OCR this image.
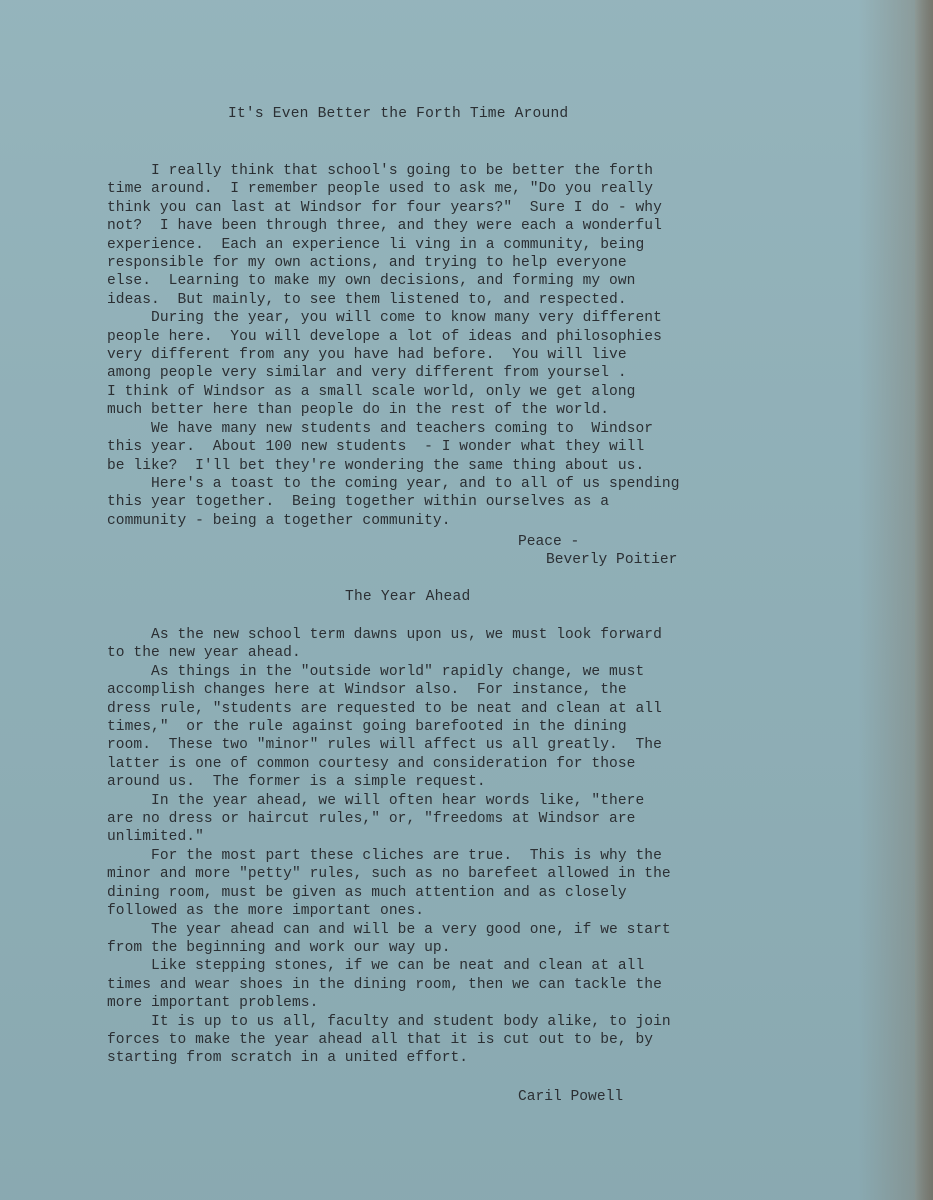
It's Even Better the Forth Time Around

I really think that school's going to be better the forth

time around.  I remember people used to ask me, "Do you really

think you can last at Windsor for four years?"  Sure I do - why

not?  I have been through three, and they were each a wonderful

experience.  Each an experience li ving in a community, being

responsible for my own actions, and trying to help everyone

else.  Learning to make my own decisions, and forming my own

ideas.  But mainly, to see them listened to, and respected.

During the year, you will come to know many very different

people here.  You will develope a lot of ideas and philosophies

very different from any you have had before.  You will live

among people very similar and very different from yoursel .

I think of Windsor as a small scale world, only we get along

much better here than people do in the rest of the world.

We have many new students and teachers coming to  Windsor

this year.  About 100 new students  - I wonder what they will

be like?  I'll bet they're wondering the same thing about us.

Here's a toast to the coming year, and to all of us spending

this year together.  Being together within ourselves as a

community - being a together community.

Peace -
Beverly Poitier
The Year Ahead

As the new school term dawns upon us, we must look forward

to the new year ahead.

As things in the "outside world" rapidly change, we must

accomplish changes here at Windsor also.  For instance, the

dress rule, "students are requested to be neat and clean at all

times,"  or the rule against going barefooted in the dining

room.  These two "minor" rules will affect us all greatly.  The

latter is one of common courtesy and consideration for those

around us.  The former is a simple request.

In the year ahead, we will often hear words like, "there

are no dress or haircut rules," or, "freedoms at Windsor are

unlimited."

For the most part these cliches are true.  This is why the

minor and more "petty" rules, such as no barefeet allowed in the

dining room, must be given as much attention and as closely

followed as the more important ones.

The year ahead can and will be a very good one, if we start

from the beginning and work our way up.

Like stepping stones, if we can be neat and clean at all

times and wear shoes in the dining room, then we can tackle the

more important problems.

It is up to us all, faculty and student body alike, to join

forces to make the year ahead all that it is cut out to be, by

starting from scratch in a united effort.

Caril Powell
